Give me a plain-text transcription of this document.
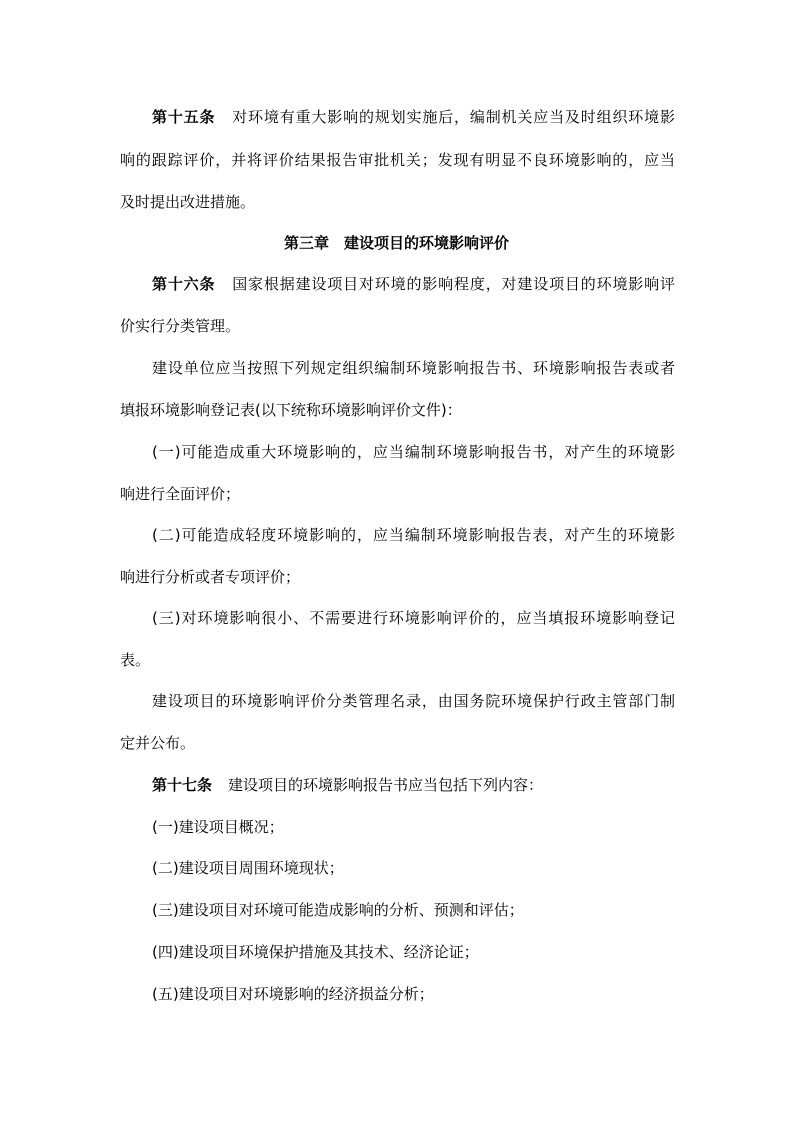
第十五条 对环境有重大影响的规划实施后，编制机关应当及时组织环境影
响的跟踪评价，并将评价结果报告审批机关；发现有明显不良环境影响的，应当
及时提出改进措施。
第三章　建设项目的环境影响评价
第十六条 国家根据建设项目对环境的影响程度，对建设项目的环境影响评
价实行分类管理。
建设单位应当按照下列规定组织编制环境影响报告书、环境影响报告表或者
填报环境影响登记表(以下统称环境影响评价文件)：
(一)可能造成重大环境影响的，应当编制环境影响报告书，对产生的环境影
响进行全面评价；
(二)可能造成轻度环境影响的，应当编制环境影响报告表，对产生的环境影
响进行分析或者专项评价；
(三)对环境影响很小、不需要进行环境影响评价的，应当填报环境影响登记
表。
建设项目的环境影响评价分类管理名录，由国务院环境保护行政主管部门制
定并公布。
第十七条 建设项目的环境影响报告书应当包括下列内容：
(一)建设项目概况；
(二)建设项目周围环境现状；
(三)建设项目对环境可能造成影响的分析、预测和评估；
(四)建设项目环境保护措施及其技术、经济论证；
(五)建设项目对环境影响的经济损益分析；
